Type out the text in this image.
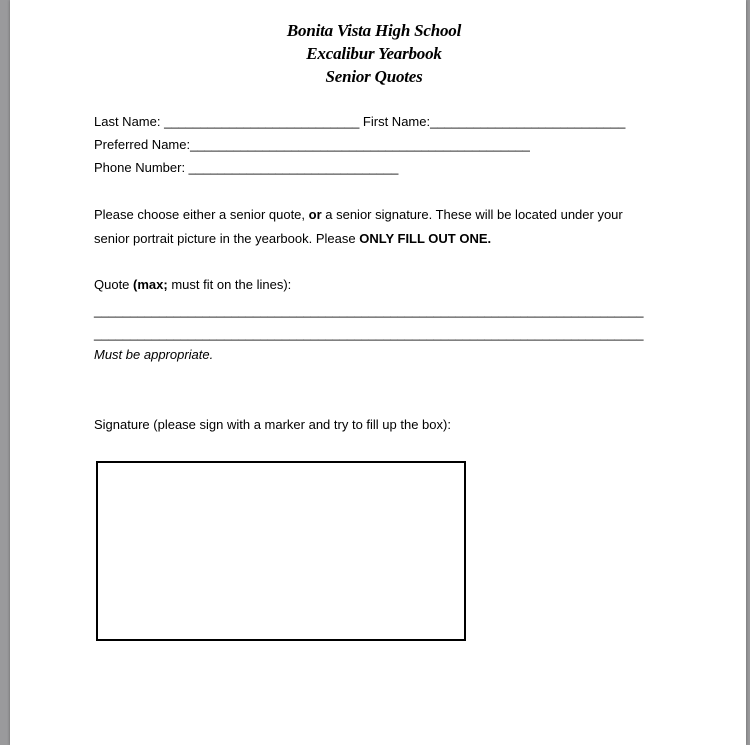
Bonita Vista High School
Excalibur Yearbook
Senior Quotes
Last Name: ___________________________ First Name:___________________________
Preferred Name:_______________________________________________
Phone Number: _____________________________
Please choose either a senior quote, or a senior signature. These will be located under your
senior portrait picture in the yearbook. Please ONLY FILL OUT ONE.
Quote (max; must fit on the lines):
____________________________________________________________________________
____________________________________________________________________________
Must be appropriate.
Signature (please sign with a marker and try to fill up the box):
